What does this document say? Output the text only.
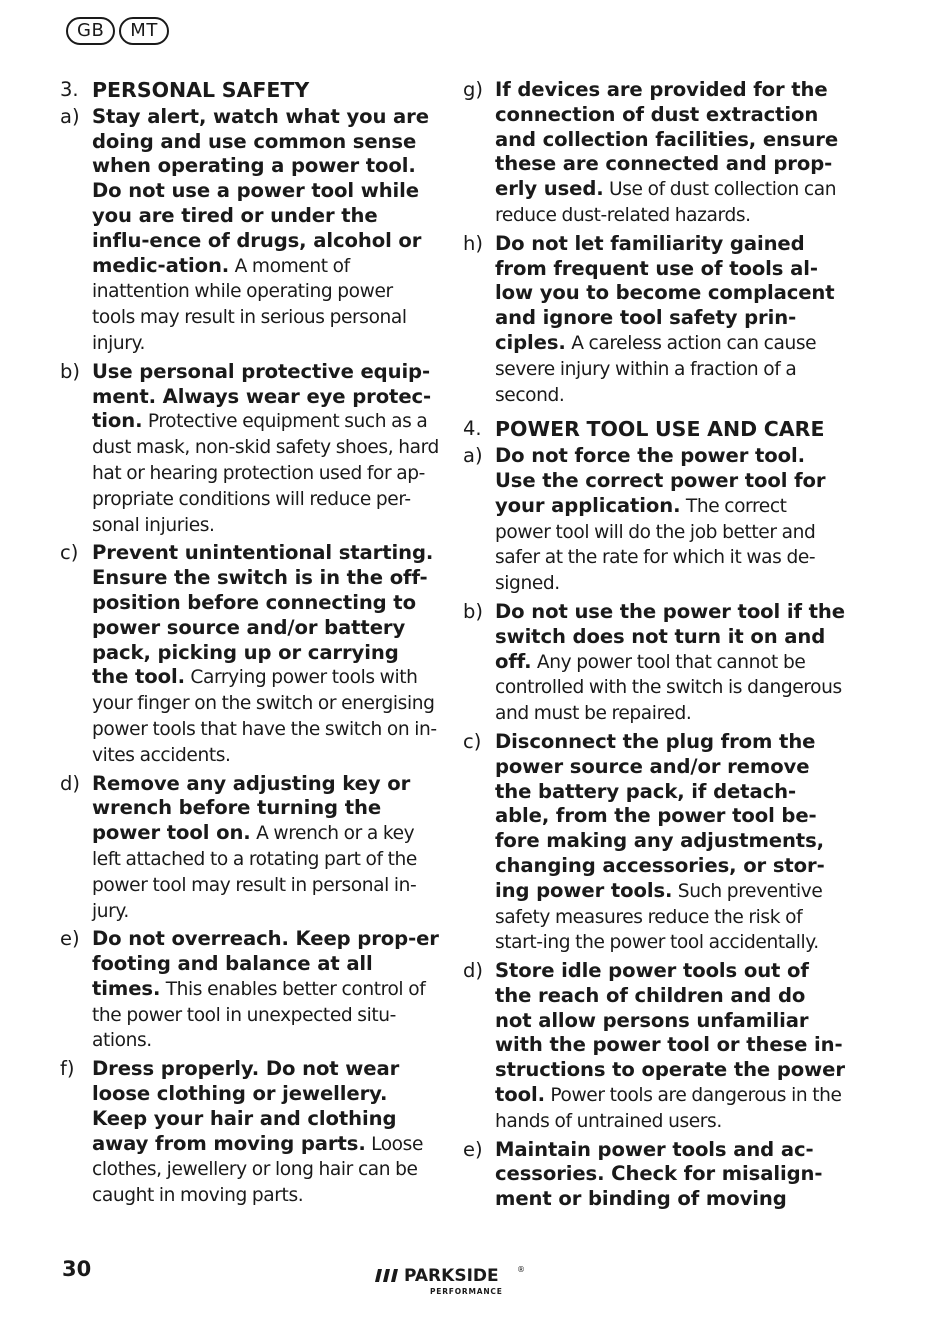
GB	MT
3. PERSONAL SAFETY
a) Stay alert, watch what you are doing and use common sense when operating a power tool. Do not use a power tool while you are tired or under the influ-ence of drugs, alcohol or medic-ation. A moment of inattention while operating power tools may result in serious personal injury.
b) Use personal protective equip-ment. Always wear eye protec-tion. Protective equipment such as a dust mask, non-skid safety shoes, hard hat or hearing protection used for ap-propriate conditions will reduce per-sonal injuries.
c) Prevent unintentional starting. Ensure the switch is in the off-position before connecting to power source and/or battery pack, picking up or carrying the tool. Carrying power tools with your finger on the switch or energising power tools that have the switch on in-vites accidents.
d) Remove any adjusting key or wrench before turning the power tool on. A wrench or a key left attached to a rotating part of the power tool may result in personal in-jury.
e) Do not overreach. Keep prop-er footing and balance at all times. This enables better control of the power tool in unexpected situ-ations.
f) Dress properly. Do not wear loose clothing or jewellery. Keep your hair and clothing away from moving parts. Loose clothes, jewellery or long hair can be caught in moving parts.
g) If devices are provided for the connection of dust extraction and collection facilities, ensure these are connected and prop-erly used. Use of dust collection can reduce dust-related hazards.
h) Do not let familiarity gained from frequent use of tools al-low you to become complacent and ignore tool safety prin-ciples. A careless action can cause severe injury within a fraction of a second.
4. POWER TOOL USE AND CARE
a) Do not force the power tool. Use the correct power tool for your application. The correct power tool will do the job better and safer at the rate for which it was de-signed.
b) Do not use the power tool if the switch does not turn it on and off. Any power tool that cannot be controlled with the switch is dangerous and must be repaired.
c) Disconnect the plug from the power source and/or remove the battery pack, if detach-able, from the power tool be-fore making any adjustments, changing accessories, or stor-ing power tools. Such preventive safety measures reduce the risk of start-ing the power tool accidentally.
d) Store idle power tools out of the reach of children and do not allow persons unfamiliar with the power tool or these in-structions to operate the power tool. Power tools are dangerous in the hands of untrained users.
e) Maintain power tools and ac-cessories. Check for misalign-ment or binding of moving
30	PARKSIDE ®
PERFORMANCE
